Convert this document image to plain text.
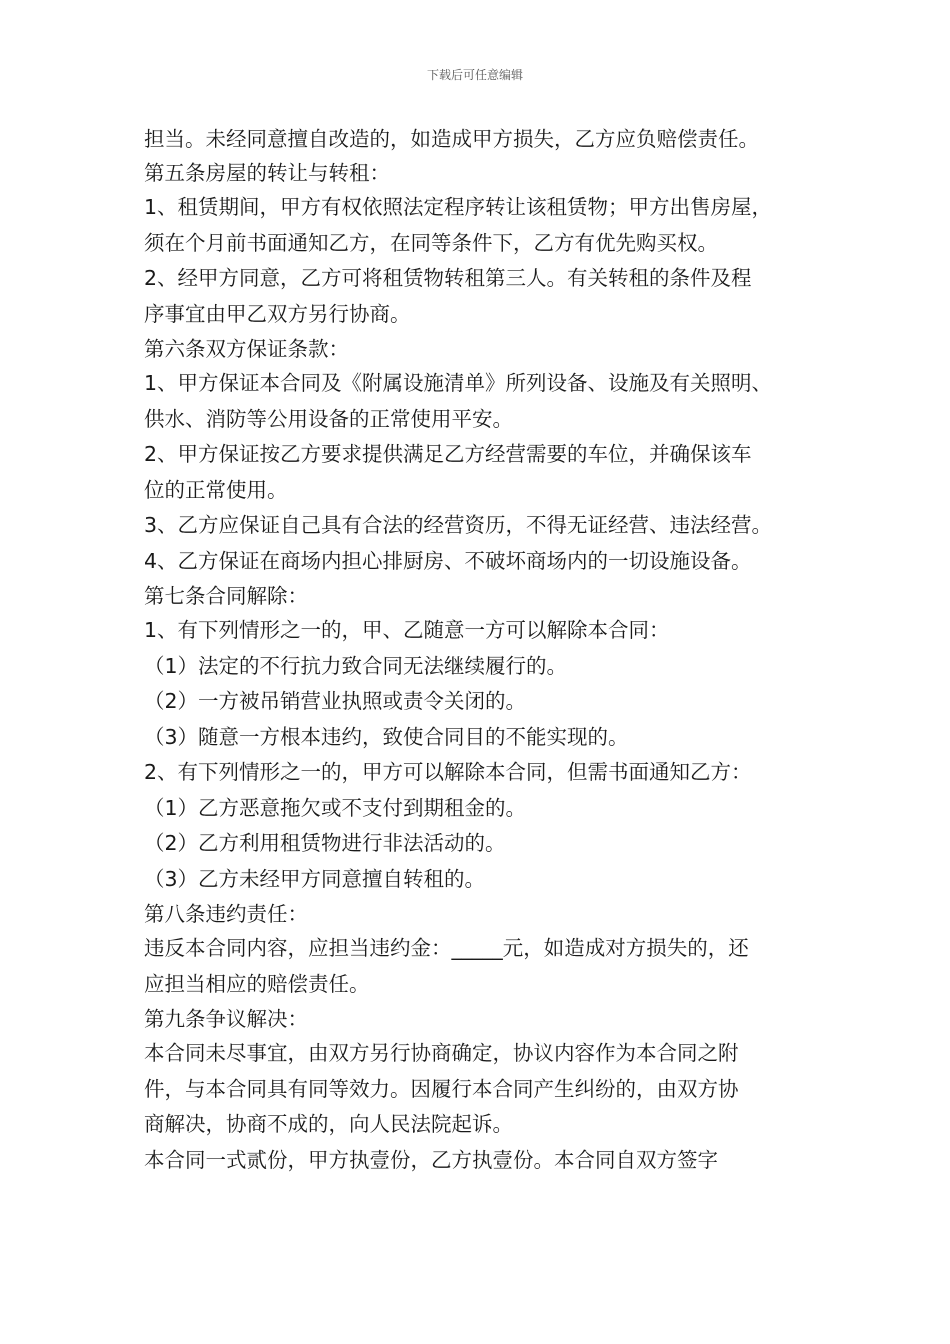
下载后可任意编辑
担当。未经同意擅自改造的，如造成甲方损失，乙方应负赔偿责任。
第五条房屋的转让与转租：
1、租赁期间，甲方有权依照法定程序转让该租赁物；甲方出售房屋，
须在个月前书面通知乙方，在同等条件下，乙方有优先购买权。
2、经甲方同意，乙方可将租赁物转租第三人。有关转租的条件及程
序事宜由甲乙双方另行协商。
第六条双方保证条款：
1、甲方保证本合同及《附属设施清单》所列设备、设施及有关照明、
供水、消防等公用设备的正常使用平安。
2、甲方保证按乙方要求提供满足乙方经营需要的车位，并确保该车
位的正常使用。
3、乙方应保证自己具有合法的经营资历，不得无证经营、违法经营。
4、乙方保证在商场内担心排厨房、不破坏商场内的一切设施设备。
第七条合同解除：
1、有下列情形之一的，甲、乙随意一方可以解除本合同：
（1）法定的不行抗力致合同无法继续履行的。
（2）一方被吊销营业执照或责令关闭的。
（3）随意一方根本违约，致使合同目的不能实现的。
2、有下列情形之一的，甲方可以解除本合同，但需书面通知乙方：
（1）乙方恶意拖欠或不支付到期租金的。
（2）乙方利用租赁物进行非法活动的。
（3）乙方未经甲方同意擅自转租的。
第八条违约责任：
违反本合同内容，应担当违约金：_____元，如造成对方损失的，还
应担当相应的赔偿责任。
第九条争议解决：
本合同未尽事宜，由双方另行协商确定，协议内容作为本合同之附
件，与本合同具有同等效力。因履行本合同产生纠纷的，由双方协
商解决，协商不成的，向人民法院起诉。
本合同一式贰份，甲方执壹份，乙方执壹份。本合同自双方签字
